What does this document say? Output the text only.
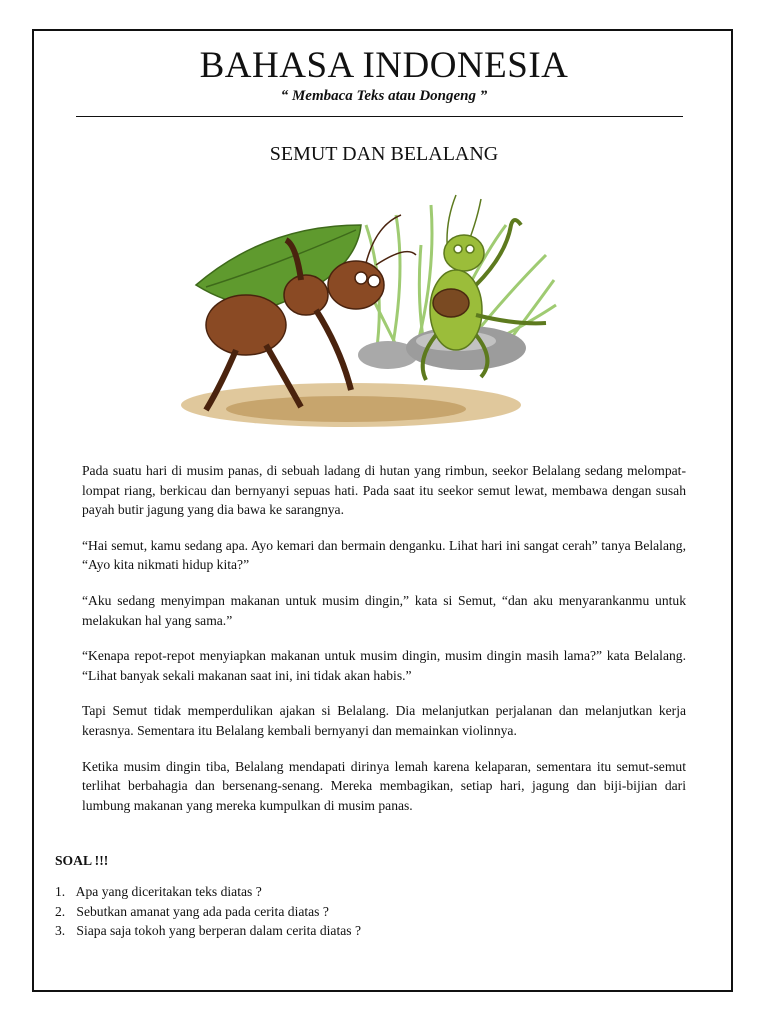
BAHASA INDONESIA
“ Membaca Teks atau Dongeng ”
SEMUT DAN BELALANG

Pada suatu hari di musim panas, di sebuah ladang di hutan yang rimbun, seekor Belalang sedang melompat-lompat riang, berkicau dan bernyanyi sepuas hati. Pada saat itu seekor semut lewat, membawa dengan susah payah butir jagung yang dia bawa ke sarangnya.

“Hai semut, kamu sedang apa. Ayo kemari dan bermain denganku. Lihat hari ini sangat cerah” tanya Belalang, “Ayo kita nikmati hidup kita?”

“Aku sedang menyimpan makanan untuk musim dingin,” kata si Semut, “dan aku menyarankanmu untuk melakukan hal yang sama.”

“Kenapa repot-repot menyiapkan makanan untuk musim dingin, musim dingin masih lama?” kata Belalang. “Lihat banyak sekali makanan saat ini, ini tidak akan habis.”

Tapi Semut tidak memperdulikan ajakan si Belalang. Dia melanjutkan perjalanan dan melanjutkan kerja kerasnya. Sementara itu Belalang kembali bernyanyi dan memainkan violinnya.

Ketika musim dingin tiba, Belalang mendapati dirinya lemah karena kelaparan, sementara itu semut-semut terlihat berbahagia dan bersenang-senang. Mereka membagikan, setiap hari, jagung dan biji-bijian dari lumbung makanan yang mereka kumpulkan di musim panas.

SOAL !!!
1. Apa yang diceritakan teks diatas ?
2. Sebutkan amanat yang ada pada cerita diatas ?
3. Siapa saja tokoh yang berperan dalam cerita diatas ?
